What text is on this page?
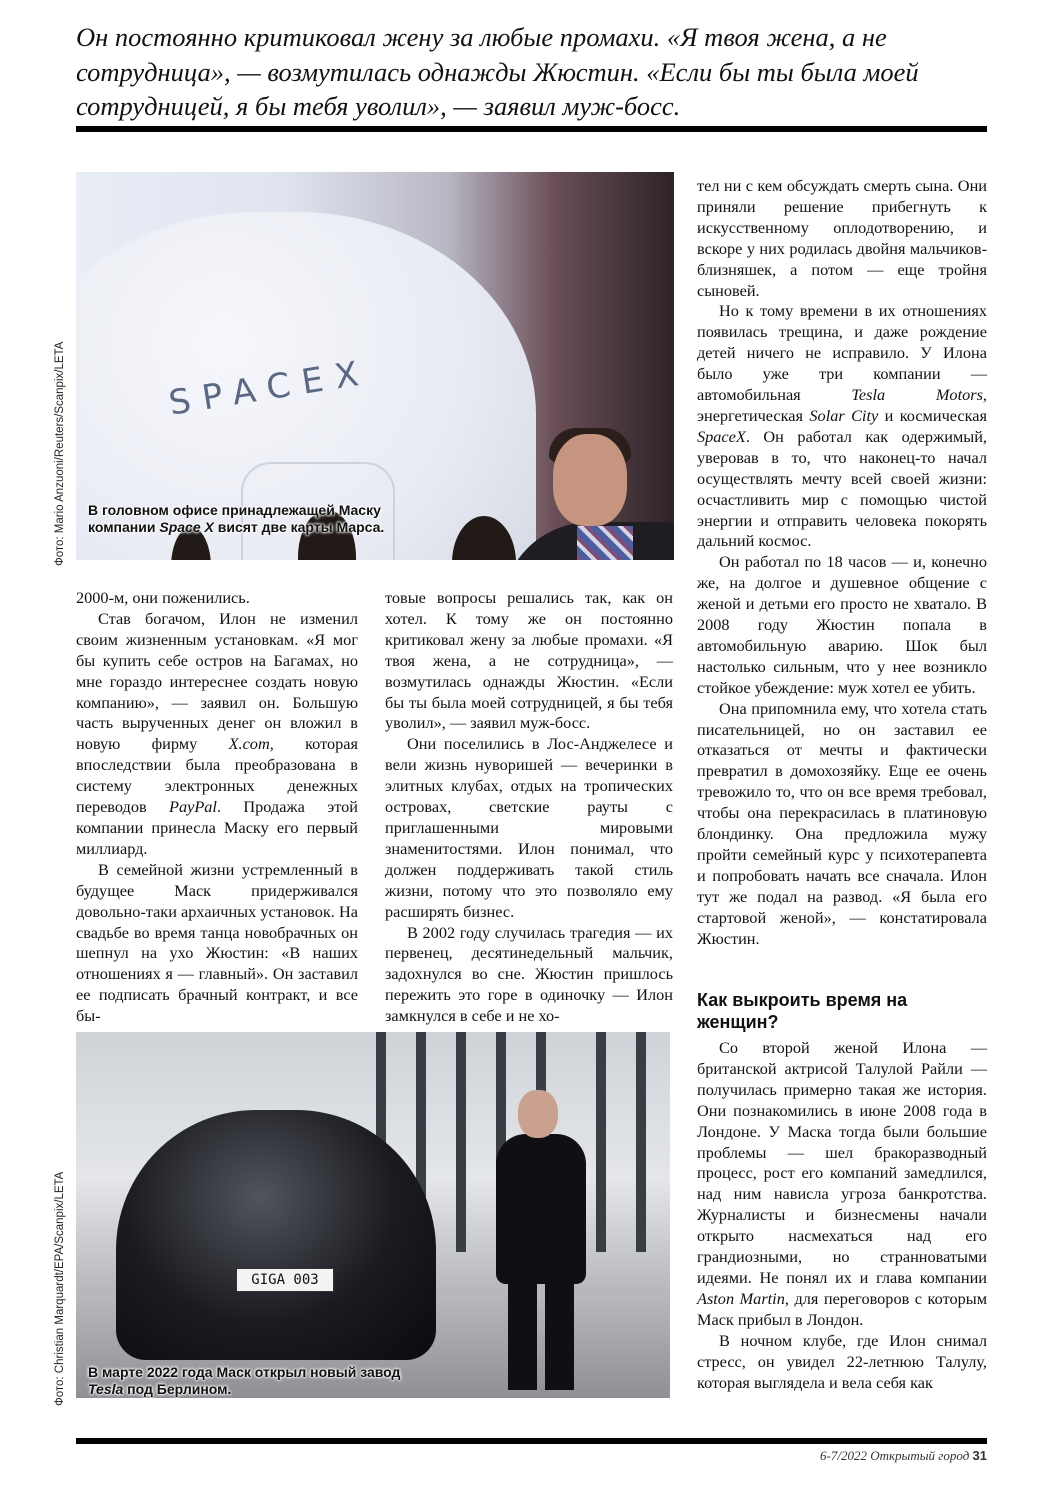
Он постоянно критиковал жену за любые промахи. «Я твоя жена, а не

сотрудница», — возмутилась однажды Жюстин. «Если бы ты была моей

сотрудницей, я бы тебя уволил», — заявил муж-босс.

SPACEX
В головном офисе принадлежащей Маску компании Space X висят две карты Марса.
Фото: Mario Anzuoni/Reuters/Scanpix/LETA

2000-м, они поженились.

Став богачом, Илон не изменил своим жизненным установкам. «Я мог бы купить себе остров на Багамах, но мне гораздо интереснее создать новую компанию», — заявил он. Большую часть вырученных денег он вложил в новую фирму X.com, которая впоследствии была преобразована в систему электронных денежных переводов PayPal. Продажа этой компании принесла Маску его первый миллиард.

В семейной жизни устремленный в будущее Маск придерживался довольно-таки архаичных установок. На свадьбе во время танца новобрачных он шепнул на ухо Жюстин: «В наших отношениях я — главный». Он заставил ее подписать брачный контракт, и все бы-

товые вопросы решались так, как он хотел. К тому же он постоянно критиковал жену за любые промахи. «Я твоя жена, а не сотрудница», — возмутилась однажды Жюстин. «Если бы ты была моей сотрудницей, я бы тебя уволил», — заявил муж-босс.

Они поселились в Лос-Анджелесе и вели жизнь нуворишей — вечеринки в элитных клубах, отдых на тропических островах, светские рауты с приглашенными мировыми знаменитостями. Илон понимал, что должен поддерживать такой стиль жизни, потому что это позволяло ему расширять бизнес.

В 2002 году случилась трагедия — их первенец, десятинедельный мальчик, задохнулся во сне. Жюстин пришлось пережить это горе в одиночку — Илон замкнулся в себе и не хо-

тел ни с кем обсуждать смерть сына. Они приняли решение прибегнуть к искусственному оплодотворению, и вскоре у них родилась двойня мальчиков-близняшек, а потом — еще тройня сыновей.

Но к тому времени в их отношениях появилась трещина, и даже рождение детей ничего не исправило. У Илона было уже три компании — автомобильная Tesla Motors, энергетическая Solar City и космическая SpaceX. Он работал как одержимый, уверовав в то, что наконец-то начал осуществлять мечту всей своей жизни: осчастливить мир с помощью чистой энергии и отправить человека покорять дальний космос.

Он работал по 18 часов — и, конечно же, на долгое и душевное общение с женой и детьми его просто не хватало. В 2008 году Жюстин попала в автомобильную аварию. Шок был настолько сильным, что у нее возникло стойкое убеждение: муж хотел ее убить.

Она припомнила ему, что хотела стать писательницей, но он заставил ее отказаться от мечты и фактически превратил в домохозяйку. Еще ее очень тревожило то, что он все время требовал, чтобы она перекрасилась в платиновую блондинку. Она предложила мужу пройти семейный курс у психотерапевта и попробовать начать все сначала. Илон тут же подал на развод. «Я была его стартовой женой», — констатировала Жюстин.

Как выкроить время на женщин?

Со второй женой Илона — британской актрисой Талулой Райли — получилась примерно такая же история. Они познакомились в июне 2008 года в Лондоне. У Маска тогда были большие проблемы — шел бракоразводный процесс, рост его компаний замедлился, над ним нависла угроза банкротства. Журналисты и бизнесмены начали открыто насмехаться над его грандиозными, но странноватыми идеями. Не понял их и глава компании Aston Martin, для переговоров с которым Маск прибыл в Лондон.

В ночном клубе, где Илон снимал стресс, он увидел 22-летнюю Талулу, которая выглядела и вела себя как

GIGA 003
В марте 2022 года Маск открыл новый завод Tesla под Берлином.
Фото: Christian Marquardt/EPA/Scanpix/LETA
6-7/2022 Открытый город 31
